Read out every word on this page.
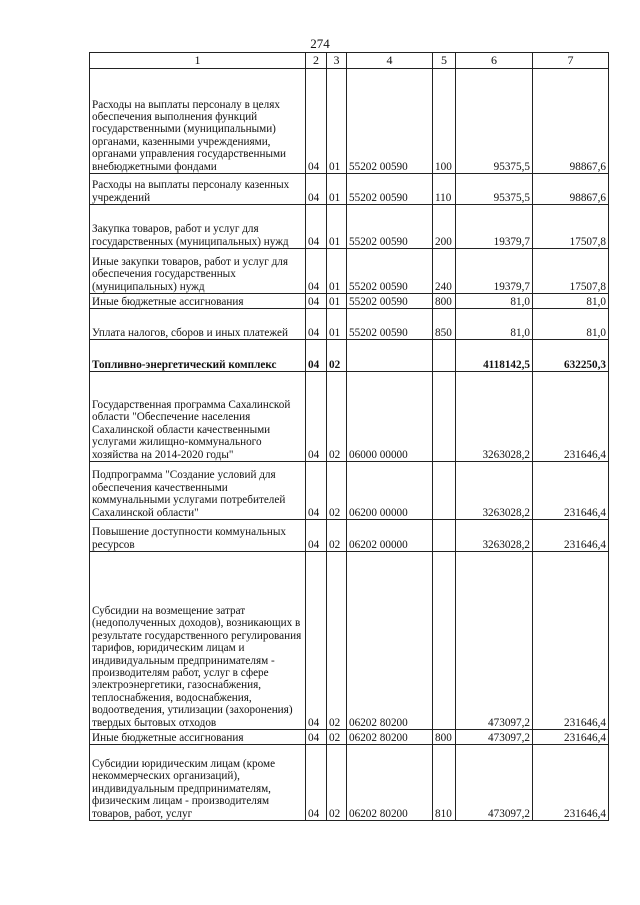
274
1	2	3	4	5	6	7
Расходы на выплаты персоналу в целях обеспечения выполнения функций государственными (муниципальными) органами, казенными учреждениями, органами управления государственными внебюджетными фондами	04	01	55202 00590	100	95375,5	98867,6
Расходы на выплаты персоналу казенных учреждений	04	01	55202 00590	110	95375,5	98867,6
Закупка товаров, работ и услуг для государственных (муниципальных) нужд	04	01	55202 00590	200	19379,7	17507,8
Иные закупки товаров, работ и услуг для обеспечения государственных (муниципальных) нужд	04	01	55202 00590	240	19379,7	17507,8
Иные бюджетные ассигнования	04	01	55202 00590	800	81,0	81,0
Уплата налогов, сборов и иных платежей	04	01	55202 00590	850	81,0	81,0
Топливно-энергетический комплекс	04	02			4118142,5	632250,3
Государственная программа Сахалинской области "Обеспечение населения Сахалинской области качественными услугами жилищно-коммунального хозяйства на 2014-2020 годы"	04	02	06000 00000		3263028,2	231646,4
Подпрограмма "Создание условий для обеспечения качественными коммунальными услугами потребителей Сахалинской области"	04	02	06200 00000		3263028,2	231646,4
Повышение доступности коммунальных ресурсов	04	02	06202 00000		3263028,2	231646,4
Субсидии на возмещение затрат (недополученных доходов), возникающих в результате государственного регулирования тарифов, юридическим лицам и индивидуальным предпринимателям - производителям работ, услуг в сфере электроэнергетики, газоснабжения, теплоснабжения, водоснабжения, водоотведения, утилизации (захоронения) твердых бытовых отходов	04	02	06202 80200		473097,2	231646,4
Иные бюджетные ассигнования	04	02	06202 80200	800	473097,2	231646,4
Субсидии юридическим лицам (кроме некоммерческих организаций), индивидуальным предпринимателям, физическим лицам - производителям товаров, работ, услуг	04	02	06202 80200	810	473097,2	231646,4
